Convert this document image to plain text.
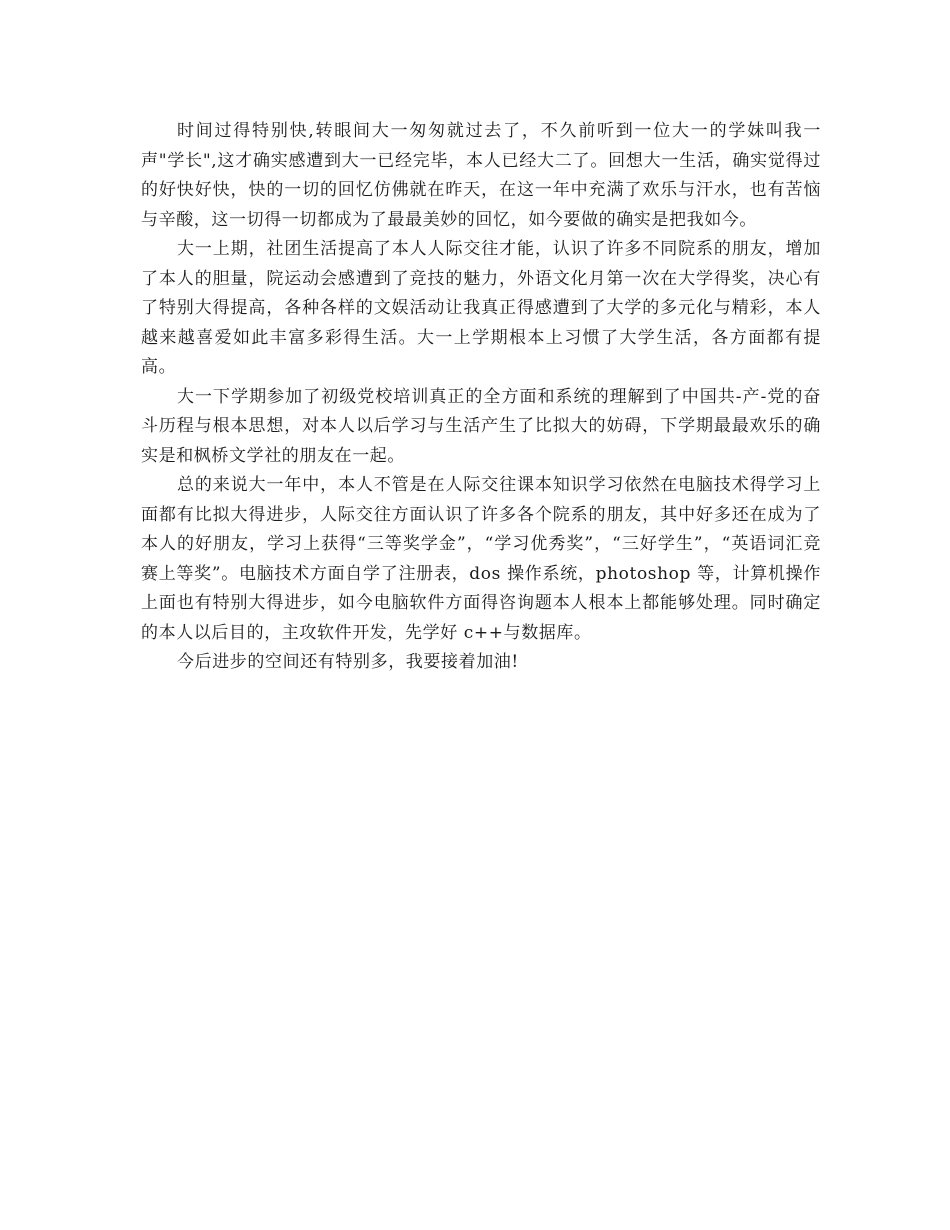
时间过得特别快,转眼间大一匆匆就过去了，不久前听到一位大一的学妹叫我一声"学长",这才确实感遭到大一已经完毕，本人已经大二了。回想大一生活，确实觉得过的好快好快，快的一切的回忆仿佛就在昨天，在这一年中充满了欢乐与汗水，也有苦恼与辛酸，这一切得一切都成为了最最美妙的回忆，如今要做的确实是把我如今。

大一上期，社团生活提高了本人人际交往才能，认识了许多不同院系的朋友，增加了本人的胆量，院运动会感遭到了竞技的魅力，外语文化月第一次在大学得奖，决心有了特别大得提高，各种各样的文娱活动让我真正得感遭到了大学的多元化与精彩，本人越来越喜爱如此丰富多彩得生活。大一上学期根本上习惯了大学生活，各方面都有提高。

大一下学期参加了初级党校培训真正的全方面和系统的理解到了中国共-产-党的奋斗历程与根本思想，对本人以后学习与生活产生了比拟大的妨碍，下学期最最欢乐的确实是和枫桥文学社的朋友在一起。

总的来说大一年中，本人不管是在人际交往课本知识学习依然在电脑技术得学习上面都有比拟大得进步，人际交往方面认识了许多各个院系的朋友，其中好多还在成为了本人的好朋友，学习上获得“三等奖学金”，“学习优秀奖”，“三好学生”，“英语词汇竞赛上等奖”。电脑技术方面自学了注册表，dos 操作系统，photoshop 等，计算机操作上面也有特别大得进步，如今电脑软件方面得咨询题本人根本上都能够处理。同时确定的本人以后目的，主攻软件开发，先学好 c++与数据库。

今后进步的空间还有特别多，我要接着加油!
